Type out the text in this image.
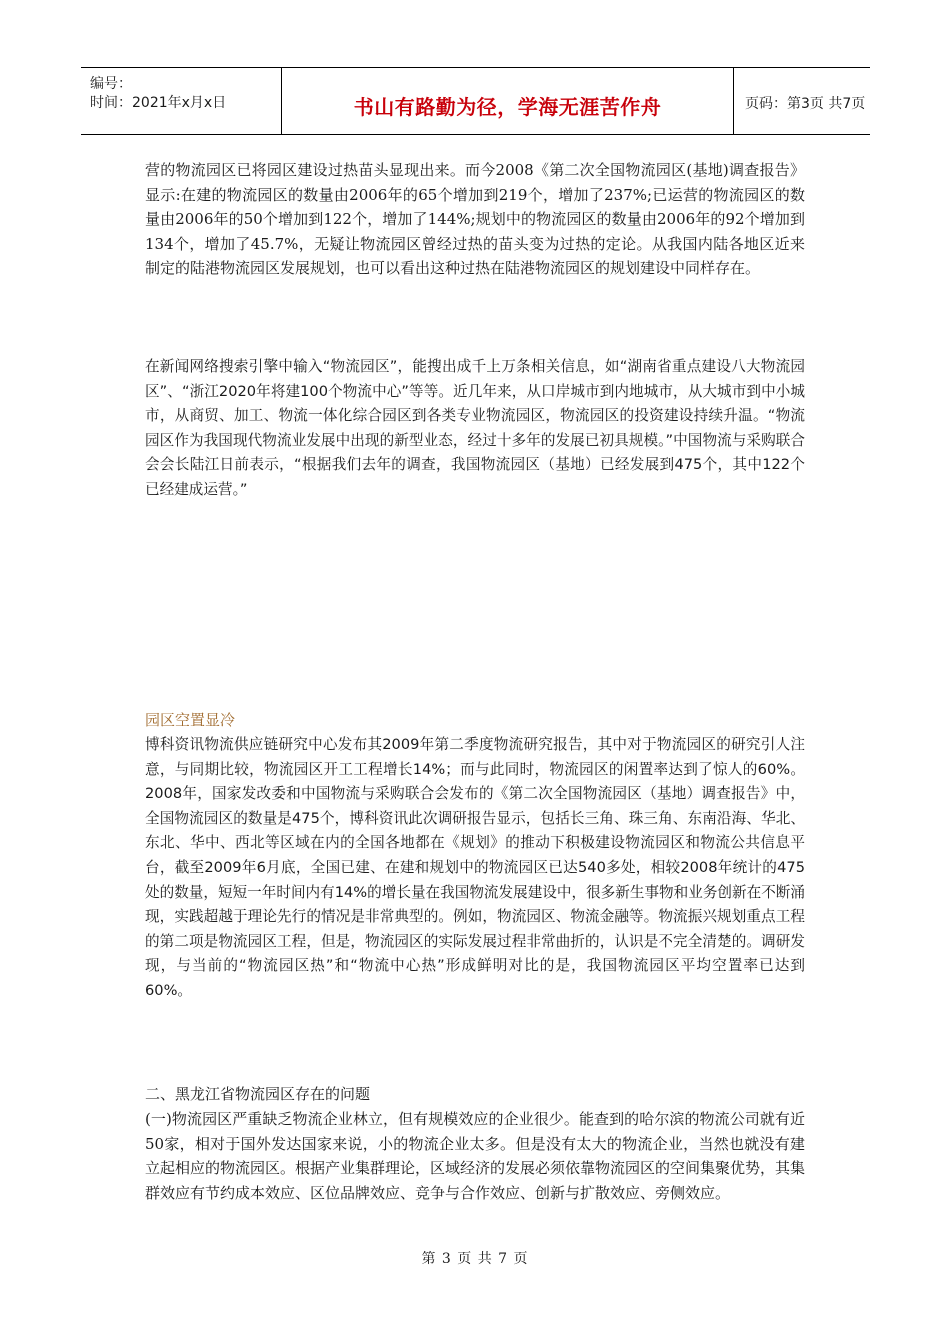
编号：
时间：2021年x月x日	书山有路勤为径，学海无涯苦作舟	页码：第3页 共7页

营的物流园区已将园区建设过热苗头显现出来。而今2008《第二次全国物流园区(基地)调查报告》显示:在建的物流园区的数量由2006年的65个增加到219个，增加了237%;已运营的物流园区的数量由2006年的50个增加到122个，增加了144%;规划中的物流园区的数量由2006年的92个增加到134个，增加了45.7%，无疑让物流园区曾经过热的苗头变为过热的定论。从我国内陆各地区近来制定的陆港物流园区发展规划，也可以看出这种过热在陆港物流园区的规划建设中同样存在。

在新闻网络搜索引擎中输入“物流园区”，能搜出成千上万条相关信息，如“湖南省重点建设八大物流园区”、“浙江2020年将建100个物流中心”等等。近几年来，从口岸城市到内地城市，从大城市到中小城市，从商贸、加工、物流一体化综合园区到各类专业物流园区，物流园区的投资建设持续升温。“物流园区作为我国现代物流业发展中出现的新型业态，经过十多年的发展已初具规模。”中国物流与采购联合会会长陆江日前表示，“根据我们去年的调查，我国物流园区（基地）已经发展到475个，其中122个已经建成运营。”

园区空置显冷

博科资讯物流供应链研究中心发布其2009年第二季度物流研究报告，其中对于物流园区的研究引人注意，与同期比较，物流园区开工工程增长14%；而与此同时，物流园区的闲置率达到了惊人的60%。2008年，国家发改委和中国物流与采购联合会发布的《第二次全国物流园区（基地）调查报告》中，全国物流园区的数量是475个，博科资讯此次调研报告显示，包括长三角、珠三角、东南沿海、华北、东北、华中、西北等区域在内的全国各地都在《规划》的推动下积极建设物流园区和物流公共信息平台，截至2009年6月底，全国已建、在建和规划中的物流园区已达540多处，相较2008年统计的475处的数量，短短一年时间内有14%的增长量在我国物流发展建设中，很多新生事物和业务创新在不断涌现，实践超越于理论先行的情况是非常典型的。例如，物流园区、物流金融等。物流振兴规划重点工程的第二项是物流园区工程，但是，物流园区的实际发展过程非常曲折的，认识是不完全清楚的。调研发现，与当前的“物流园区热”和“物流中心热”形成鲜明对比的是，我国物流园区平均空置率已达到60%。

二、黑龙江省物流园区存在的问题

(一)物流园区严重缺乏物流企业林立，但有规模效应的企业很少。能查到的哈尔滨的物流公司就有近50家，相对于国外发达国家来说，小的物流企业太多。但是没有太大的物流企业，当然也就没有建立起相应的物流园区。根据产业集群理论，区域经济的发展必须依靠物流园区的空间集聚优势，其集群效应有节约成本效应、区位品牌效应、竞争与合作效应、创新与扩散效应、旁侧效应。

第 3 页 共 7 页
